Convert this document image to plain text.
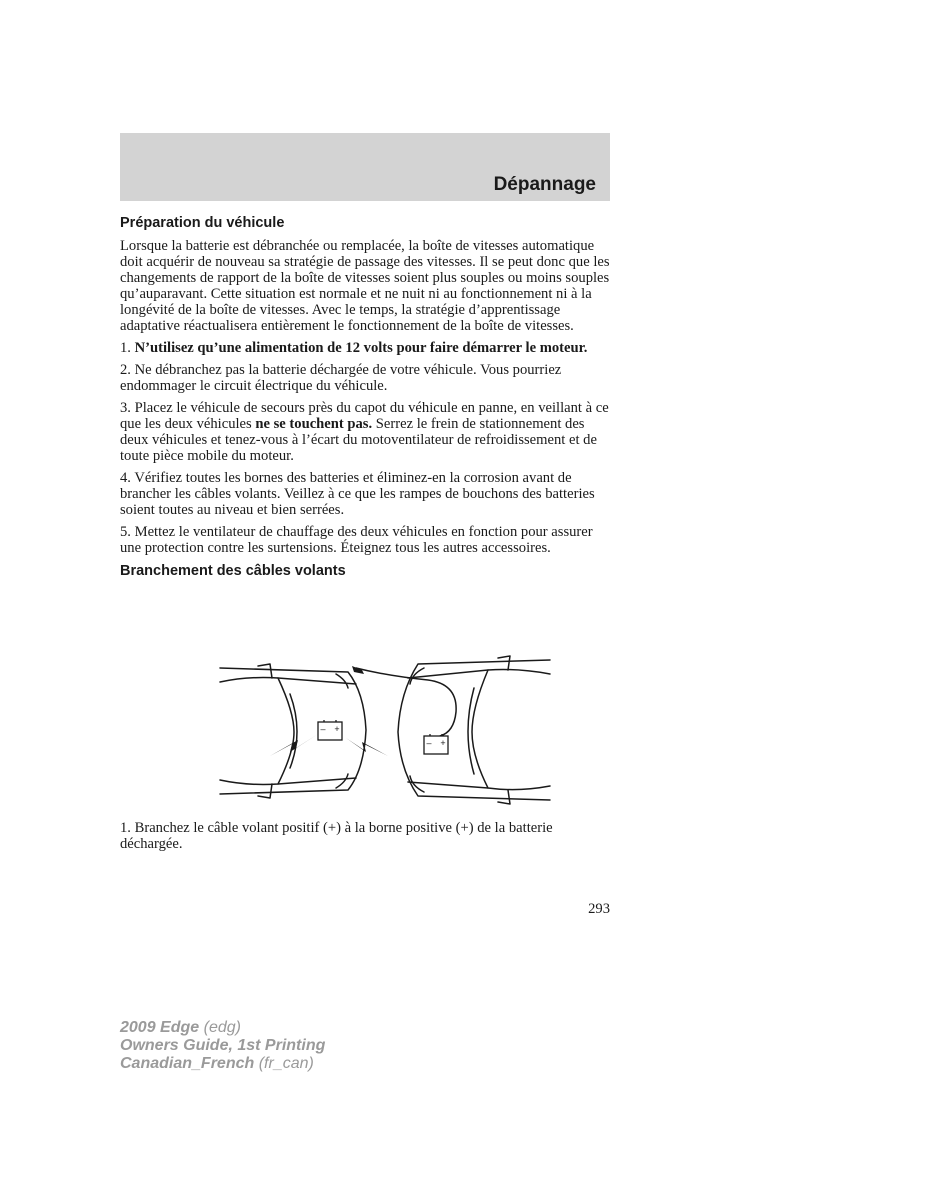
Dépannage
Préparation du véhicule

Lorsque la batterie est débranchée ou remplacée, la boîte de vitesses automatique doit acquérir de nouveau sa stratégie de passage des vitesses. Il se peut donc que les changements de rapport de la boîte de vitesses soient plus souples ou moins souples qu’auparavant. Cette situation est normale et ne nuit ni au fonctionnement ni à la longévité de la boîte de vitesses. Avec le temps, la stratégie d’apprentissage adaptative réactualisera entièrement le fonctionnement de la boîte de vitesses.

1. N’utilisez qu’une alimentation de 12 volts pour faire démarrer le moteur.

2. Ne débranchez pas la batterie déchargée de votre véhicule. Vous pourriez endommager le circuit électrique du véhicule.

3. Placez le véhicule de secours près du capot du véhicule en panne, en veillant à ce que les deux véhicules ne se touchent pas. Serrez le frein de stationnement des deux véhicules et tenez-vous à l’écart du motoventilateur de refroidissement et de toute pièce mobile du moteur.

4. Vérifiez toutes les bornes des batteries et éliminez-en la corrosion avant de brancher les câbles volants. Veillez à ce que les rampes de bouchons des batteries soient toutes au niveau et bien serrées.

5. Mettez le ventilateur de chauffage des deux véhicules en fonction pour assurer une protection contre les surtensions. Éteignez tous les autres accessoires.

Branchement des câbles volants
– +
– +
1. Branchez le câble volant positif (+) à la borne positive (+) de la batterie déchargée.
293
2009 Edge (edg)
Owners Guide, 1st Printing
Canadian_French (fr_can)
